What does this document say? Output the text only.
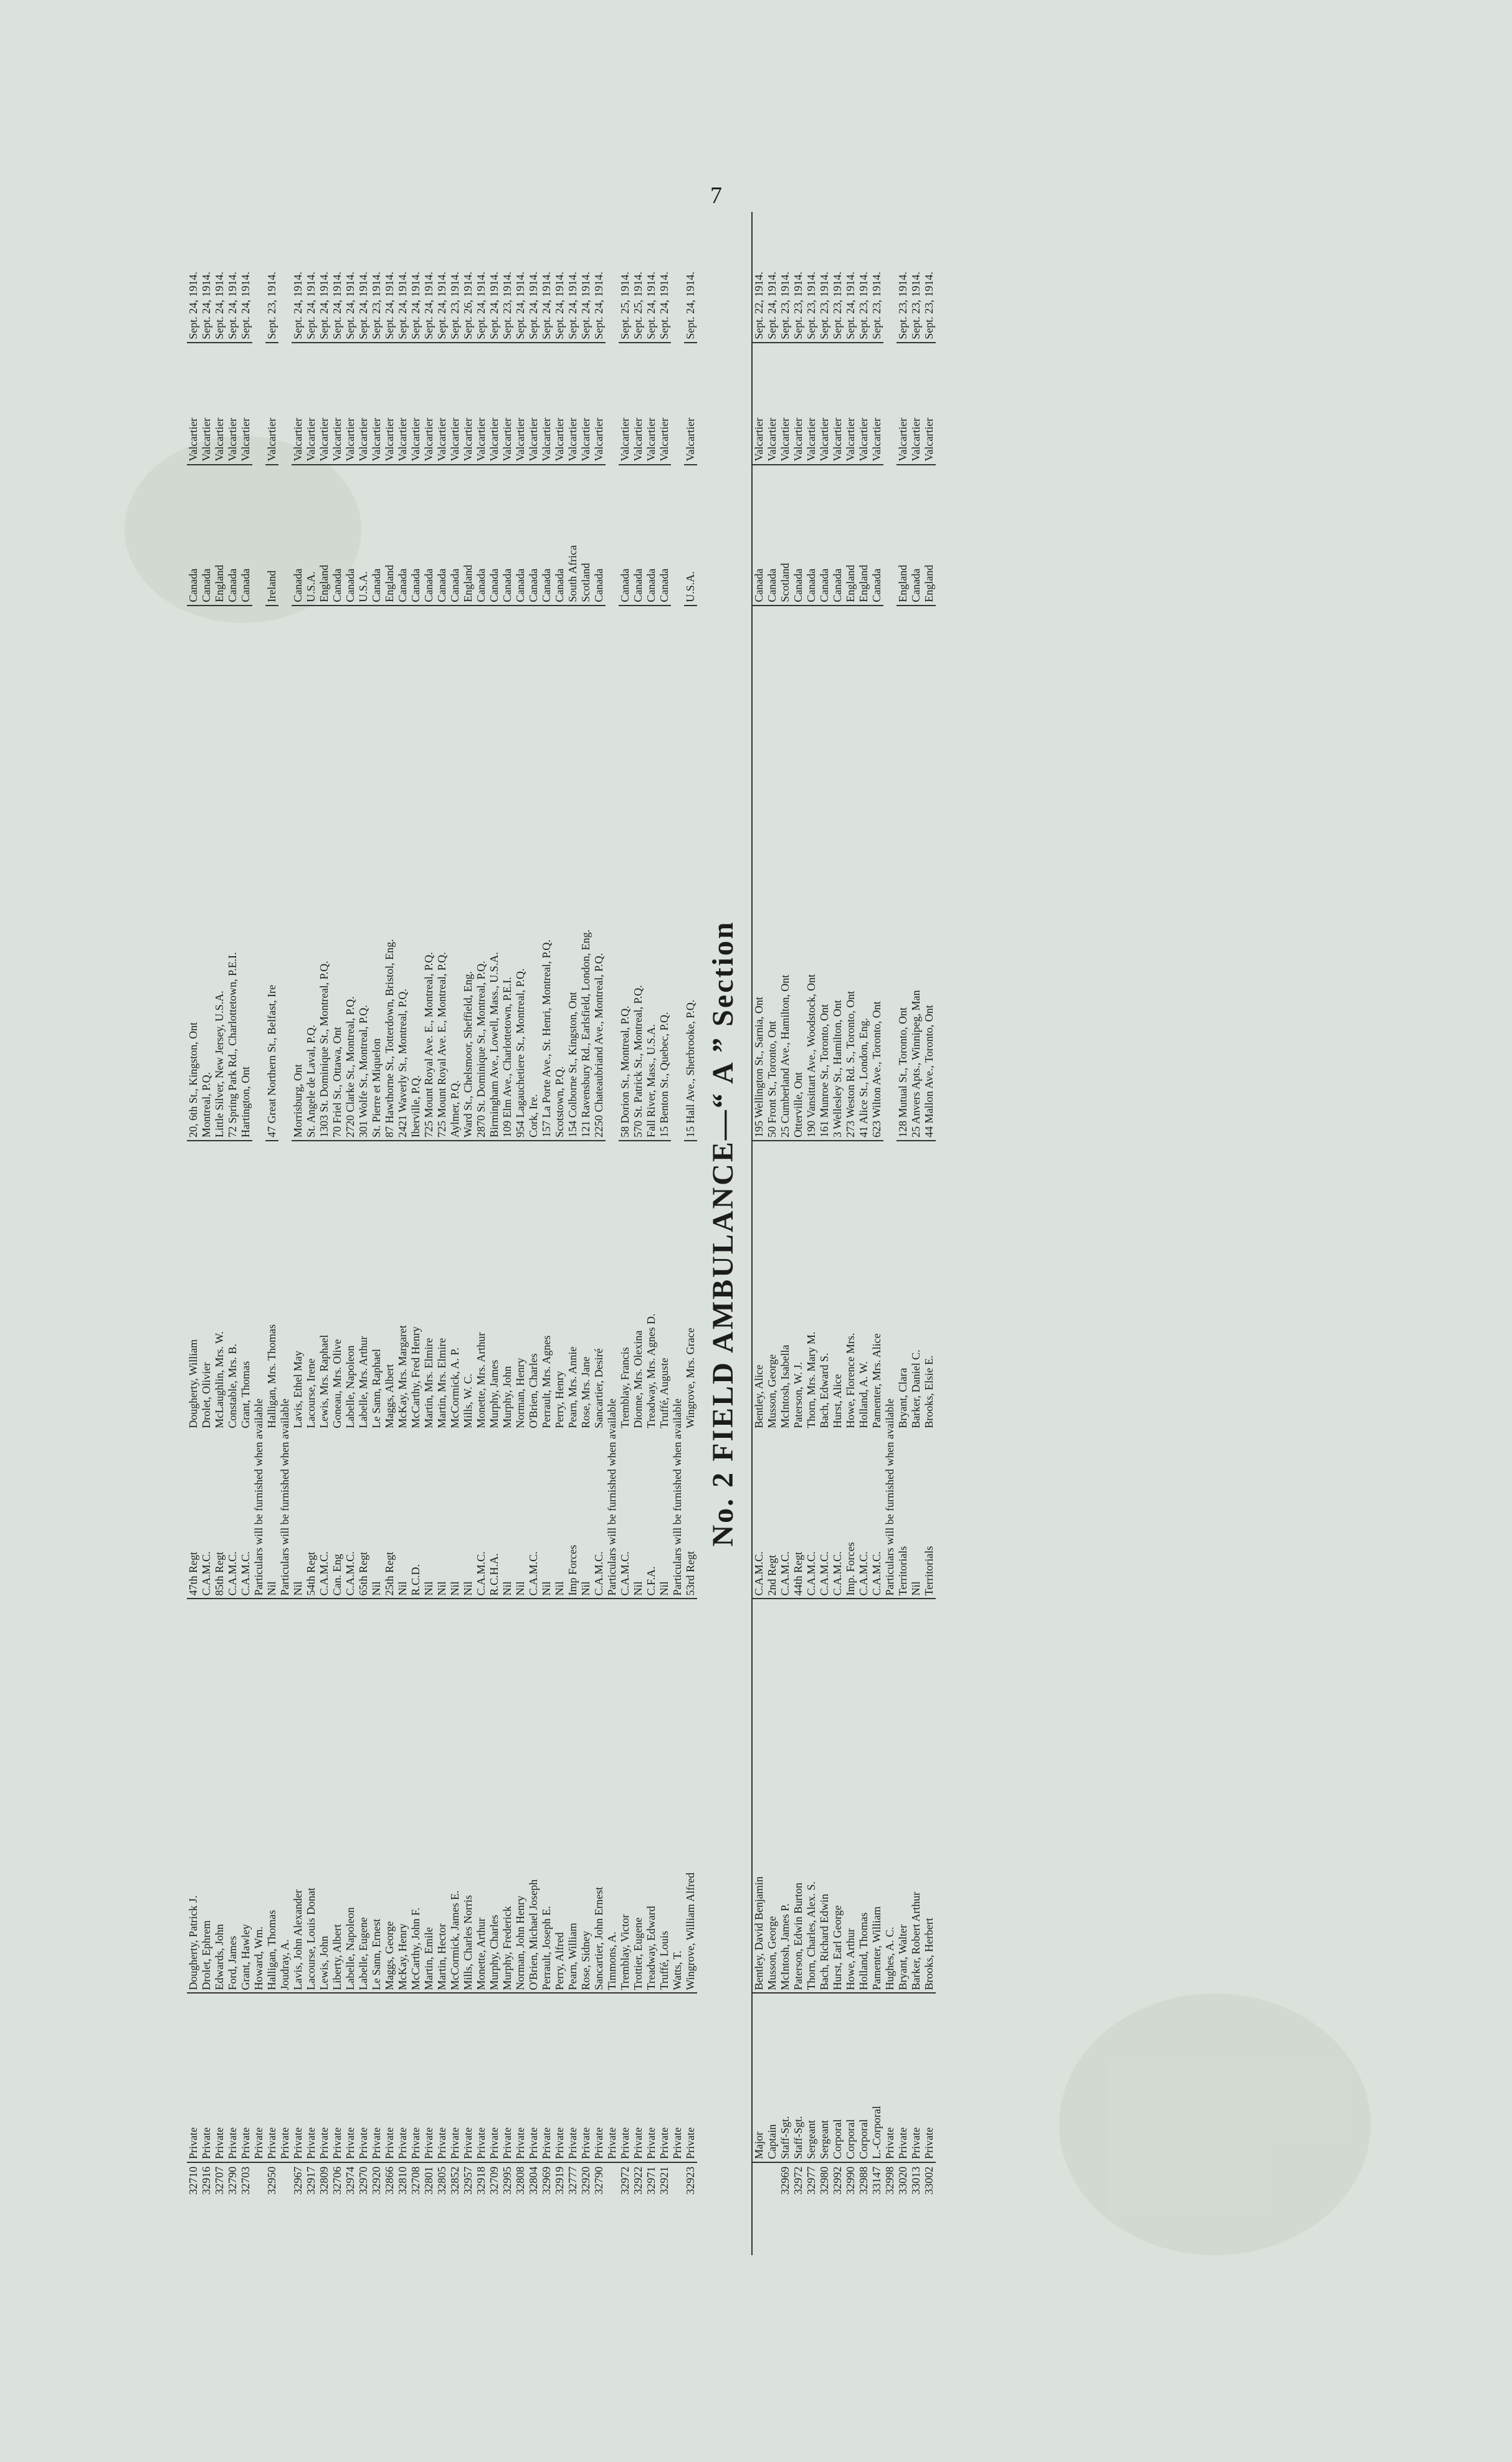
7
32710	Private	Dougherty, Patrick J.	47th Regt	Dougherty, William	20, 6th St., Kingston, Ont	Canada	Valcartier	Sept. 24, 1914.
32916	Private	Drolet, Ephrem	C.A.M.C.	Drolet, Olivier	Montreal, P.Q.	Canada	Valcartier	Sept. 24, 1914.
32707	Private	Edwards, John	85th Regt	McLaughlin, Mrs. W.	Little Silver, New Jersey, U.S.A.	England	Valcartier	Sept. 24, 1914.
32790	Private	Ford, James	C.A.M.C.	Constable, Mrs. B.	72 Spring Park Rd., Charlottetown, P.E.I.	Canada	Valcartier	Sept. 24, 1914.
32703	Private	Grant, Hawley	C.A.M.C.	Grant, Thomas	Hartington, Ont	Canada	Valcartier	Sept. 24, 1914.
	Private	Howard, Wm.	Particulars will be furnished when available					
32950	Private	Halligan, Thomas	Nil	Halligan, Mrs. Thomas	47 Great Northern St., Belfast, Ire	Ireland	Valcartier	Sept. 23, 1914.
	Private	Joudray, A.	Particulars will be furnished when available					
32967	Private	Lavis, John Alexander	Nil	Lavis, Ethel May	Morrisburg, Ont	Canada	Valcartier	Sept. 24, 1914.
32917	Private	Lacourse, Louis Donat	54th Regt	Lacourse, Irene	St. Angele de Laval, P.Q.	U.S.A.	Valcartier	Sept. 24, 1914.
32809	Private	Lewis, John	C.A.M.C.	Lewis, Mrs. Raphael	1303 St. Dominique St., Montreal, P.Q.	England	Valcartier	Sept. 24, 1914.
32706	Private	Liberty, Albert	Can. Eng	Goneau, Mrs. Olive	70 Friel St., Ottawa, Ont	Canada	Valcartier	Sept. 24, 1914.
32974	Private	Labelle, Napoleon	C.A.M.C.	Labelle, Napoleon	2720 Clarke St., Montreal, P.Q.	Canada	Valcartier	Sept. 24, 1914.
32970	Private	Labelle, Eugene	65th Regt	Labelle, Mrs. Arthur	301 Wolfe St., Montreal, P.Q.	U.S.A.	Valcartier	Sept. 24, 1914.
32920	Private	Le Sann, Ernest	Nil	Le Sann, Raphael	St. Pierre et Miquelon	Canada	Valcartier	Sept. 23, 1914.
32866	Private	Maggs, George	25th Regt	Maggs, Albert	87 Hawthorne St., Totterdown, Bristol, Eng.	England	Valcartier	Sept. 24, 1914.
32810	Private	McKay, Henry	Nil	McKay, Mrs. Margaret	2421 Waverly St., Montreal, P.Q.	Canada	Valcartier	Sept. 24, 1914.
32708	Private	McCarthy, John F.	R.C.D.	McCarthy, Fred Henry	Iberville, P.Q.	Canada	Valcartier	Sept. 24, 1914.
32801	Private	Martin, Emile	Nil	Martin, Mrs. Elmire	725 Mount Royal Ave. E., Montreal, P.Q.	Canada	Valcartier	Sept. 24, 1914.
32805	Private	Martin, Hector	Nil	Martin, Mrs. Elmire	725 Mount Royal Ave. E., Montreal, P.Q.	Canada	Valcartier	Sept. 24, 1914.
32852	Private	McCormick, James E.	Nil	McCormick, A. P.	Aylmer, P.Q.	Canada	Valcartier	Sept. 23, 1914.
32957	Private	Mills, Charles Norris	Nil	Mills, W. C.	Ward St., Chelsmoor, Sheffield, Eng.	England	Valcartier	Sept. 26, 1914.
32918	Private	Monette, Arthur	C.A.M.C.	Monette, Mrs. Arthur	2870 St. Dominique St., Montreal, P.Q.	Canada	Valcartier	Sept. 24, 1914.
32709	Private	Murphy, Charles	R.C.H.A.	Murphy, James	Birmingham Ave., Lowell, Mass., U.S.A.	Canada	Valcartier	Sept. 24, 1914.
32995	Private	Murphy, Frederick	Nil	Murphy, John	109 Elm Ave., Charlottetown, P.E.I.	Canada	Valcartier	Sept. 23, 1914.
32808	Private	Norman, John Henry	Nil	Norman, Henry	954 Lagauchetiere St., Montreal, P.Q.	Canada	Valcartier	Sept. 24, 1914.
32804	Private	O'Brien, Michael Joseph	C.A.M.C.	O'Brien, Charles	Cork, Ire.	Canada	Valcartier	Sept. 24, 1914.
32969	Private	Perrault, Joseph E.	Nil	Perrault, Mrs. Agnes	157 La Porte Ave., St. Henri, Montreal, P.Q.	Canada	Valcartier	Sept. 24, 1914.
32919	Private	Perry, Alfred	Nil	Perry, Henry	Scotstown, P.Q.	Canada	Valcartier	Sept. 24, 1914.
32777	Private	Pearn, William	Imp Forces	Pearn, Mrs. Annie	154 Colborne St., Kingston, Ont	South Africa	Valcartier	Sept. 24, 1914.
32920	Private	Rose, Sidney	Nil	Rose, Mrs. Jane	121 Ravensbury Rd., Earlsfield, London, Eng.	Scotland	Valcartier	Sept. 24, 1914.
32790	Private	Sancartier, John Ernest	C.A.M.C.	Sancartier, Desiré	2250 Chateaubriand Ave., Montreal, P.Q.	Canada	Valcartier	Sept. 24, 1914.
	Private	Timmons, A.	Particulars will be furnished when available					
32972	Private	Tremblay, Victor	C.A.M.C.	Tremblay, Francis	58 Dorion St., Montreal, P.Q.	Canada	Valcartier	Sept. 25, 1914.
32922	Private	Trottier, Eugene	Nil	Dionne, Mrs. Olexina	570 St. Patrick St., Montreal, P.Q.	Canada	Valcartier	Sept. 25, 1914.
32971	Private	Treadway, Edward	C.F.A.	Treadway, Mrs. Agnes D.	Fall River, Mass., U.S.A.	Canada	Valcartier	Sept. 24, 1914.
32921	Private	Truffé, Louis	Nil	Truffé, Auguste	15 Benton St., Quebec, P.Q.	Canada	Valcartier	Sept. 24, 1914.
	Private	Watts, T.	Particulars will be furnished when available					
32923	Private	Wingrove, William Alfred	53rd Regt	Wingrove, Mrs. Grace	15 Hall Ave., Sherbrooke, P.Q.	U.S.A.	Valcartier	Sept. 24, 1914.
No. 2 FIELD AMBULANCE—“ A ” Section
	Major	Bentley, David Benjamin	C.A.M.C.	Bentley, Alice	195 Wellington St., Sarnia, Ont	Canada	Valcartier	Sept. 22, 1914.
	Captain	Musson, George	2nd Regt	Musson, George	50 Front St., Toronto, Ont	Canada	Valcartier	Sept. 24, 1914.
32969	Staff-Sgt.	McIntosh, James P.	C.A.M.C.	McIntosh, Isabella	25 Cumberland Ave., Hamilton, Ont	Scotland	Valcartier	Sept. 23, 1914.
32972	Staff-Sgt.	Paterson, Edwin Burton	44th Regt	Paterson, W. J.	Otterville, Ont	Canada	Valcartier	Sept. 23, 1914.
32977	Sergeant	Thorn, Charles, Alex. S.	C.A.M.C.	Thorn, Mrs. Mary M.	190 Vansittart Ave., Woodstock, Ont	Canada	Valcartier	Sept. 23, 1914.
32980	Sergeant	Bach, Richard Edwin	C.A.M.C.	Bach, Edward S.	161 Munroe St., Toronto, Ont	Canada	Valcartier	Sept. 23, 1914.
32992	Corporal	Hurst, Earl George	C.A.M.C.	Hurst, Alice	3 Wellesley St., Hamilton, Ont	Canada	Valcartier	Sept. 23, 1914.
32990	Corporal	Howe, Arthur	Imp. Forces	Howe, Florence Mrs.	273 Weston Rd. S., Toronto, Ont	England	Valcartier	Sept. 24, 1914.
32988	Corporal	Holland, Thomas	C.A.M.C.	Holland, A. W.	41 Alice St., London, Eng.	England	Valcartier	Sept. 23, 1914.
33147	L.-Corporal	Pamenter, William	C.A.M.C.	Pamenter, Mrs. Alice	623 Wilton Ave., Toronto, Ont	Canada	Valcartier	Sept. 23, 1914.
32998	Private	Hughes, A. C.	Particulars will be furnished when available					
33020	Private	Bryant, Walter	Territorials	Bryant, Clara	128 Mutual St., Toronto, Ont	England	Valcartier	Sept. 23, 1914.
33013	Private	Barker, Robert Arthur	Nil	Barker, Daniel C.	25 Anvers Apts., Winnipeg, Man	Canada	Valcartier	Sept. 23, 1914.
33002	Private	Brooks, Herbert	Territorials	Brooks, Elsie E.	44 Mallon Ave., Toronto, Ont	England	Valcartier	Sept. 23, 1914.
